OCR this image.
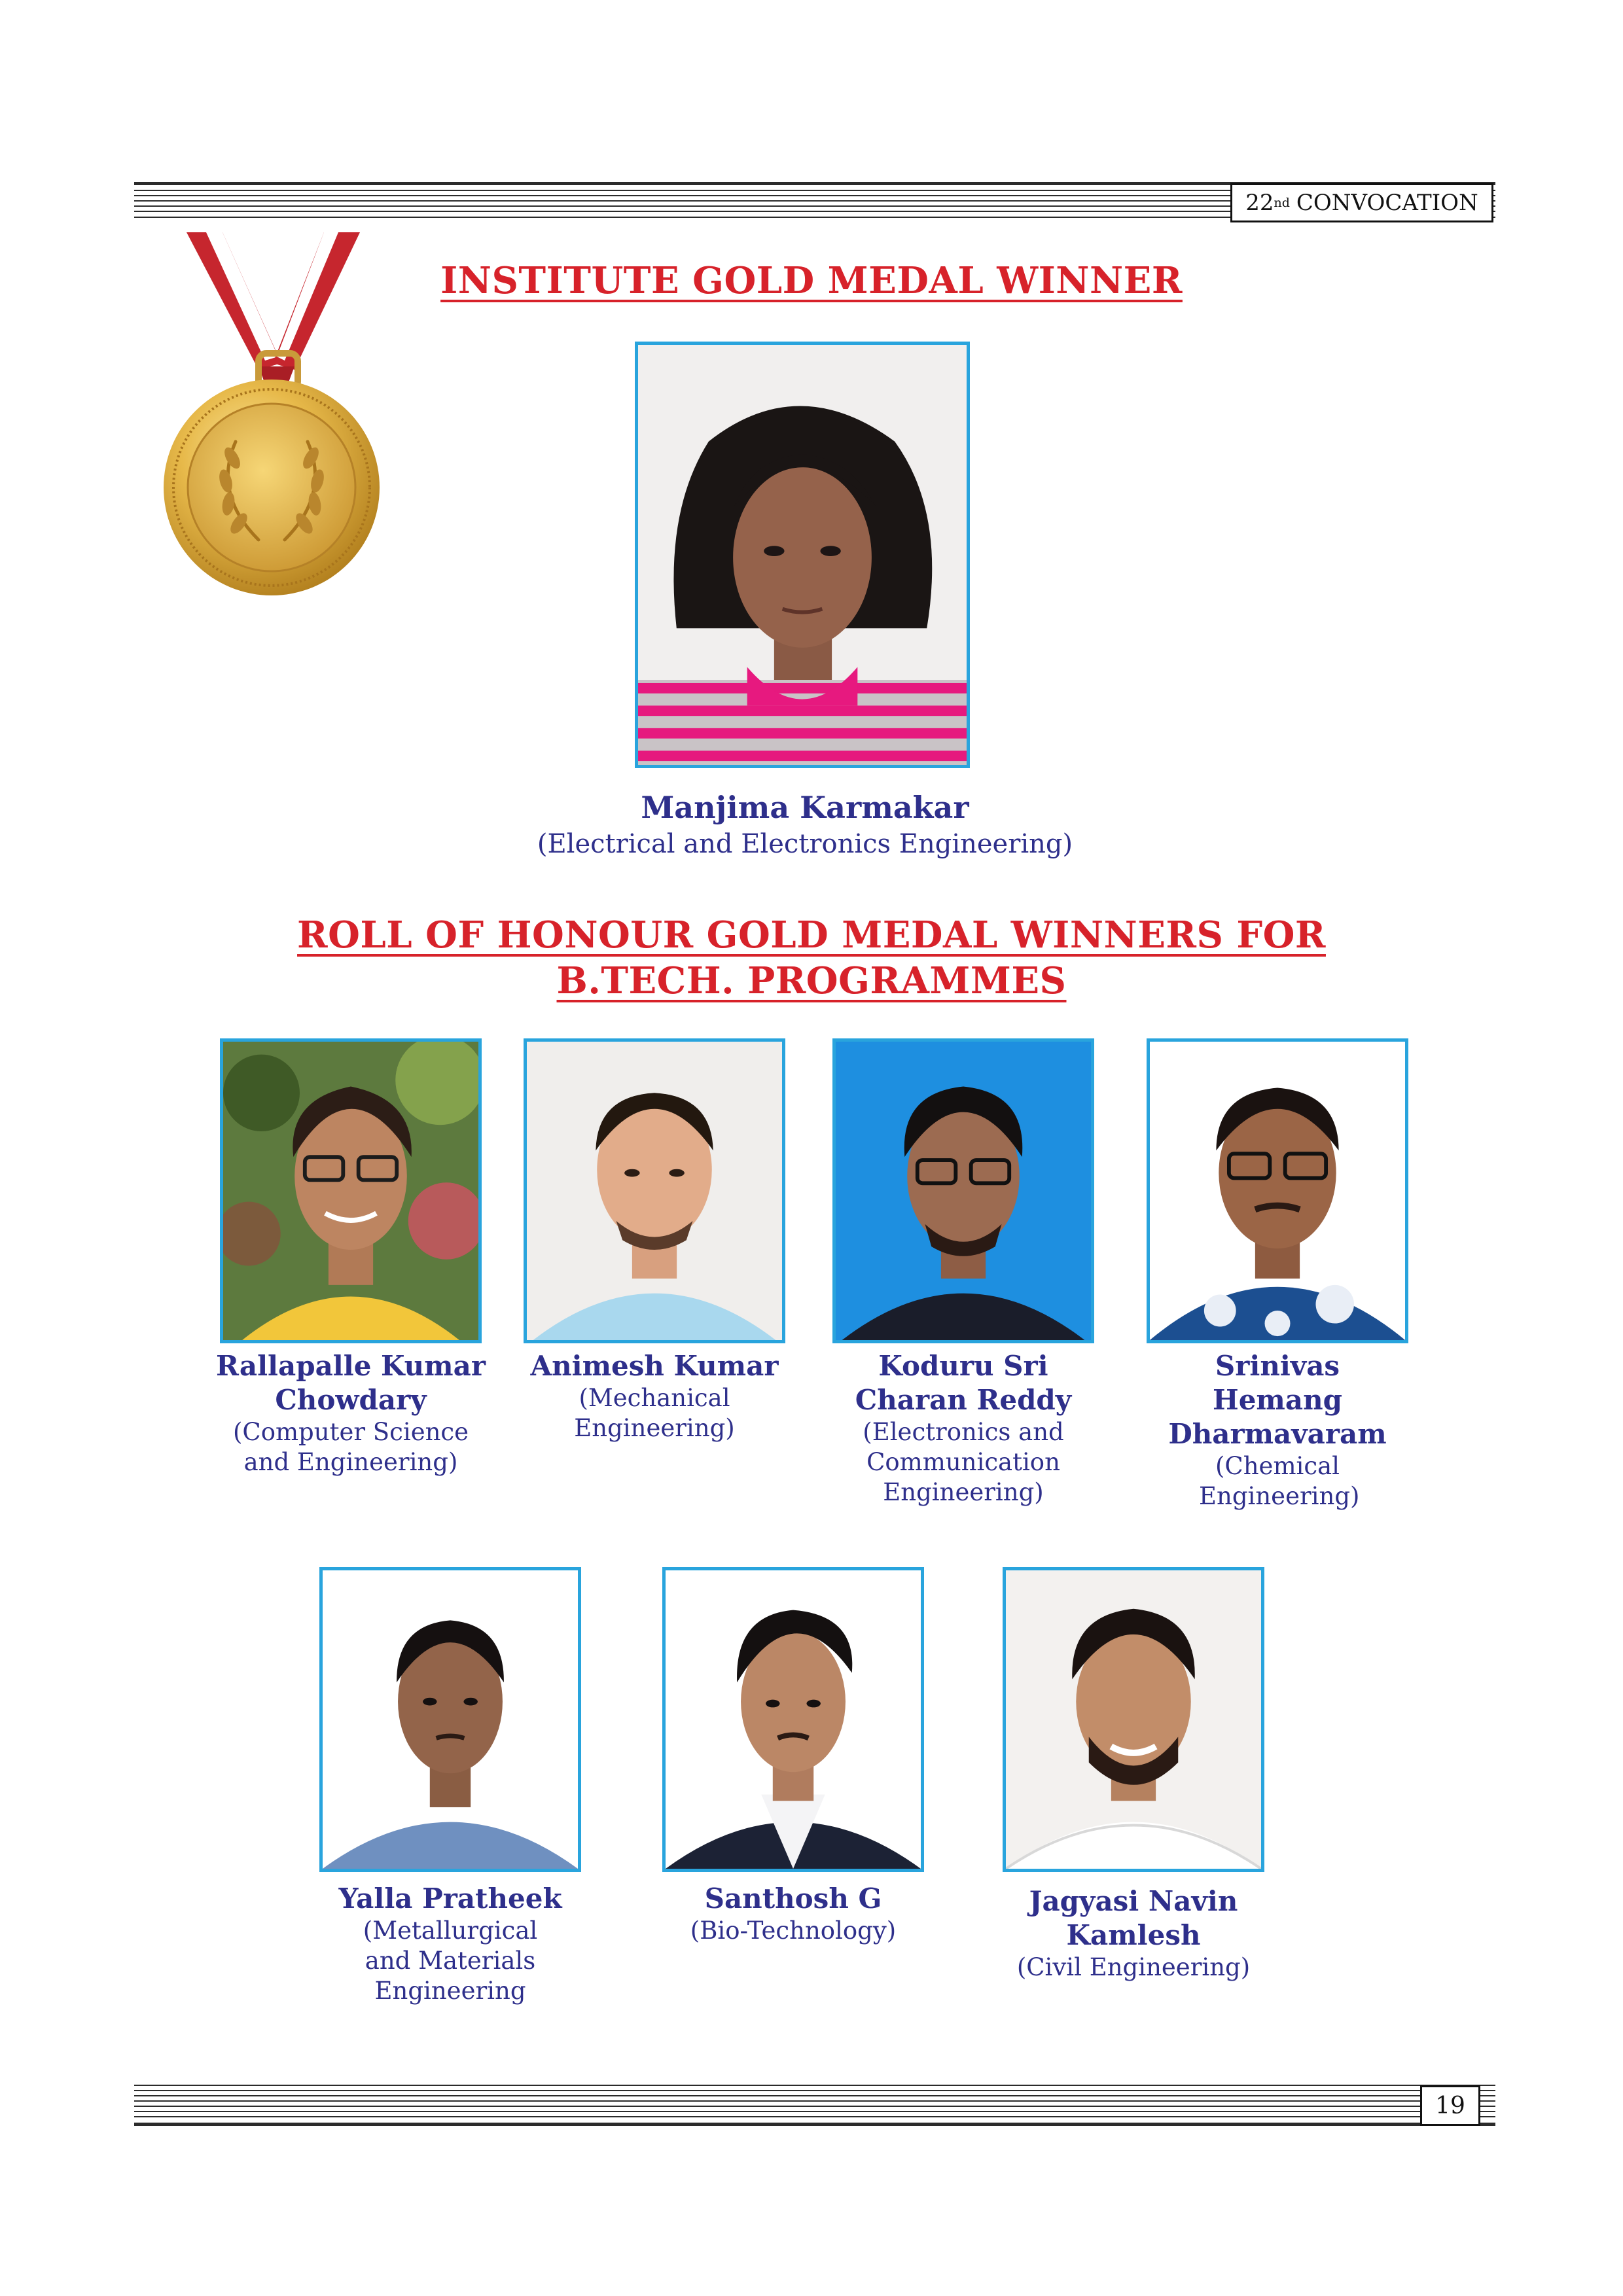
22 nd CONVOCATION
INSTITUTE GOLD MEDAL WINNER
Manjima Karmakar
(Electrical and Electronics Engineering)
ROLL OF HONOUR GOLD MEDAL WINNERS FOR
B.TECH. PROGRAMMES
Rallapalle Kumar Chowdary
(Computer Science and Engineering)
Animesh Kumar
(Mechanical Engineering)
Koduru Sri Charan Reddy
(Electronics and Communication Engineering)
Srinivas Hemang Dharmavaram
(Chemical Engineering)
Yalla Pratheek
(Metallurgical and Materials Engineering
Santhosh G
(Bio-Technology)
Jagyasi Navin Kamlesh
(Civil Engineering)
19
